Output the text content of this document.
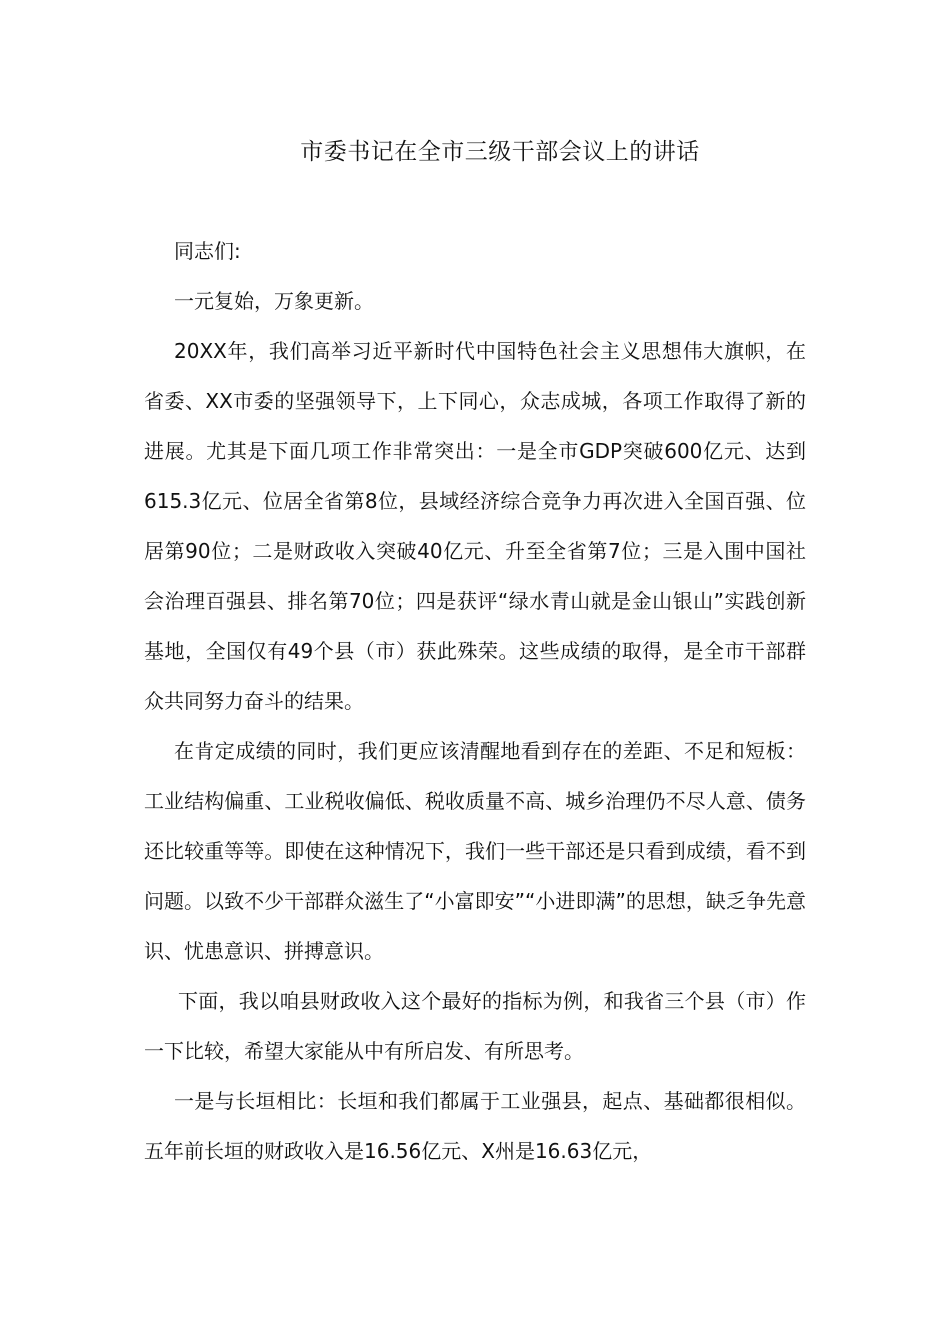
市委书记在全市三级干部会议上的讲话

同志们:

一元复始，万象更新。

20XX年，我们高举习近平新时代中国特色社会主义思想伟大旗帜，在省委、XX市委的坚强领导下，上下同心，众志成城，各项工作取得了新的进展。尤其是下面几项工作非常突出：一是全市GDP突破600亿元、达到615.3亿元、位居全省第8位，县域经济综合竞争力再次进入全国百强、位居第90位；二是财政收入突破40亿元、升至全省第7位；三是入围中国社会治理百强县、排名第70位；四是获评“绿水青山就是金山银山”实践创新基地，全国仅有49个县（市）获此殊荣。这些成绩的取得，是全市干部群众共同努力奋斗的结果。

在肯定成绩的同时，我们更应该清醒地看到存在的差距、不足和短板：工业结构偏重、工业税收偏低、税收质量不高、城乡治理仍不尽人意、债务还比较重等等。即使在这种情况下，我们一些干部还是只看到成绩，看不到问题。以致不少干部群众滋生了“小富即安”“小进即满”的思想，缺乏争先意识、忧患意识、拼搏意识。

下面，我以咱县财政收入这个最好的指标为例，和我省三个县（市）作一下比较，希望大家能从中有所启发、有所思考。

一是与长垣相比：长垣和我们都属于工业强县，起点、基础都很相似。五年前长垣的财政收入是16.56亿元、X州是16.63亿元，
